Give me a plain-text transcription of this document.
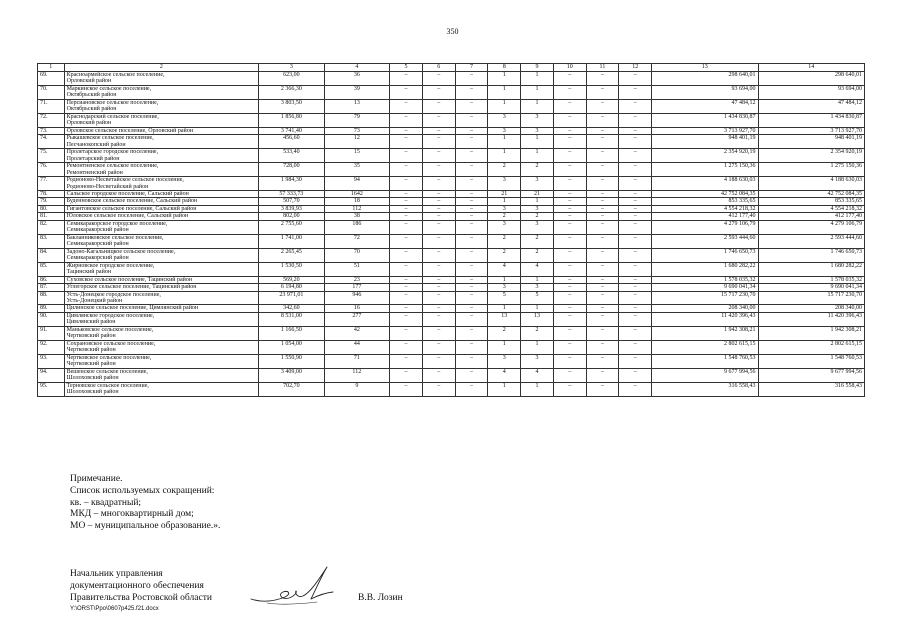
350
1	2	3	4	5	6	7	8	9	10	11	12	13	14
69.	Красноармейское сельское поселение,
Орловский район	623,00	36	–	–	–	1	1	–	–	–	298 640,01	298 640,01
70.	Маркинское сельское поселение,
Октябрьский район	2 366,30	39	–	–	–	1	1	–	–	–	93 694,00	93 694,00
71.	Персиановское сельское поселение,
Октябрьский район	3 803,50	13	–	–	–	1	1	–	–	–	47 484,12	47 484,12
72.	Краснодарский сельское поселение,
Орловский район	1 856,80	79	–	–	–	3	3	–	–	–	1 434 830,87	1 434 830,87
73.	Орловское сельское поселение, Орловский район	3 741,40	73	–	–	–	3	3	–	–	–	3 713 927,70	3 713 927,70
74.	Рыкашевское сельское поселение,
Песчанокопский район	456,60	12	–	–	–	1	1	–	–	–	948 401,19	948 401,19
75.	Пролетарское городское поселение,
Пролетарский район	533,40	15	–	–	–	1	1	–	–	–	2 354 920,19	2 354 920,19
76.	Ремонтненское сельское поселение,
Ремонтненский район	728,00	35	–	–	–	2	2	–	–	–	1 275 150,36	1 275 150,36
77.	Родионово-Несветайское сельское поселение,
Родионово-Несветайский район	1 984,30	94	–	–	–	3	3	–	–	–	4 188 630,03	4 188 630,03
78.	Сальское городское поселение, Сальский район	57 333,73	1642	–	–	–	21	21	–	–	–	42 752 084,35	42 752 084,35
79.	Буденновское сельское поселение, Сальский район	507,70	18	–	–	–	1	1	–	–	–	853 335,65	853 335,65
80.	Гигантовское сельское поселение, Сальский район	3 839,93	112	–	–	–	3	3	–	–	–	4 554 218,32	4 554 218,32
81.	Юловское сельское поселение, Сальский район	802,00	38	–	–	–	2	2	–	–	–	412 177,40	412 177,40
82.	Семикаракорское городское поселение,
Семикаракорский район	2 755,60	186	–	–	–	3	3	–	–	–	4 279 106,79	4 279 106,79
83.	Бакланниковское сельское поселение,
Семикаракорский район	1 741,00	72	–	–	–	2	2	–	–	–	2 593 444,60	2 593 444,60
84.	Задоно-Кагальницкое сельское поселение,
Семикаракорский район	2 265,45	70	–	–	–	2	2	–	–	–	1 746 650,73	1 746 650,73
85.	Жирновское городское поселение,
Тацинский район	1 530,50	51	–	–	–	4	4	–	–	–	1 680 282,22	1 680 282,22
86.	Суховское сельское поселение, Тацинский район	569,20	23	–	–	–	1	1	–	–	–	1 578 035,32	1 578 035,32
87.	Углегорское сельское поселение, Тацинский район	6 194,80	177	–	–	–	3	3	–	–	–	9 690 041,34	9 690 041,34
88.	Усть-Донецкое городское поселение,
Усть-Донецкий район	23 971,01	946	–	–	–	5	5	–	–	–	15 717 230,70	15 717 230,70
89.	Цилинское сельское поселение, Цимлянский район	342,60	16	–	–	–	1	1	–	–	–	208 340,00	208 340,00
90.	Цимлянское городское поселение,
Цимлянский район	8 531,00	277	–	–	–	13	13	–	–	–	11 420 396,43	11 420 396,43
91.	Маньковское сельское поселение,
Чертковский район	1 166,50	42	–	–	–	2	2	–	–	–	1 942 308,21	1 942 308,21
92.	Сохрановское сельское поселение,
Чертковский район	1 054,00	44	–	–	–	1	1	–	–	–	2 802 615,15	2 802 615,15
93.	Чертковское сельское поселение,
Чертковский район	1 550,90	71	–	–	–	3	3	–	–	–	1 548 760,53	1 548 760,53
94.	Вешенское сельское поселение,
Шолоховский район	3 409,00	112	–	–	–	4	4	–	–	–	9 677 994,56	9 677 994,56
95.	Терновское сельское поселение,
Шолоховский район	702,70	9	–	–	–	1	1	–	–	–	316 558,43	316 558,43
Примечание.
Список используемых сокращений:
кв. – квадратный;
МКД – многоквартирный дом;
МО – муниципальное образование.».
Начальник управления
документационного обеспечения
Правительства Ростовской области	В.В. Лозин
Y:\ORST\Ppo\0607p425.f21.docx
